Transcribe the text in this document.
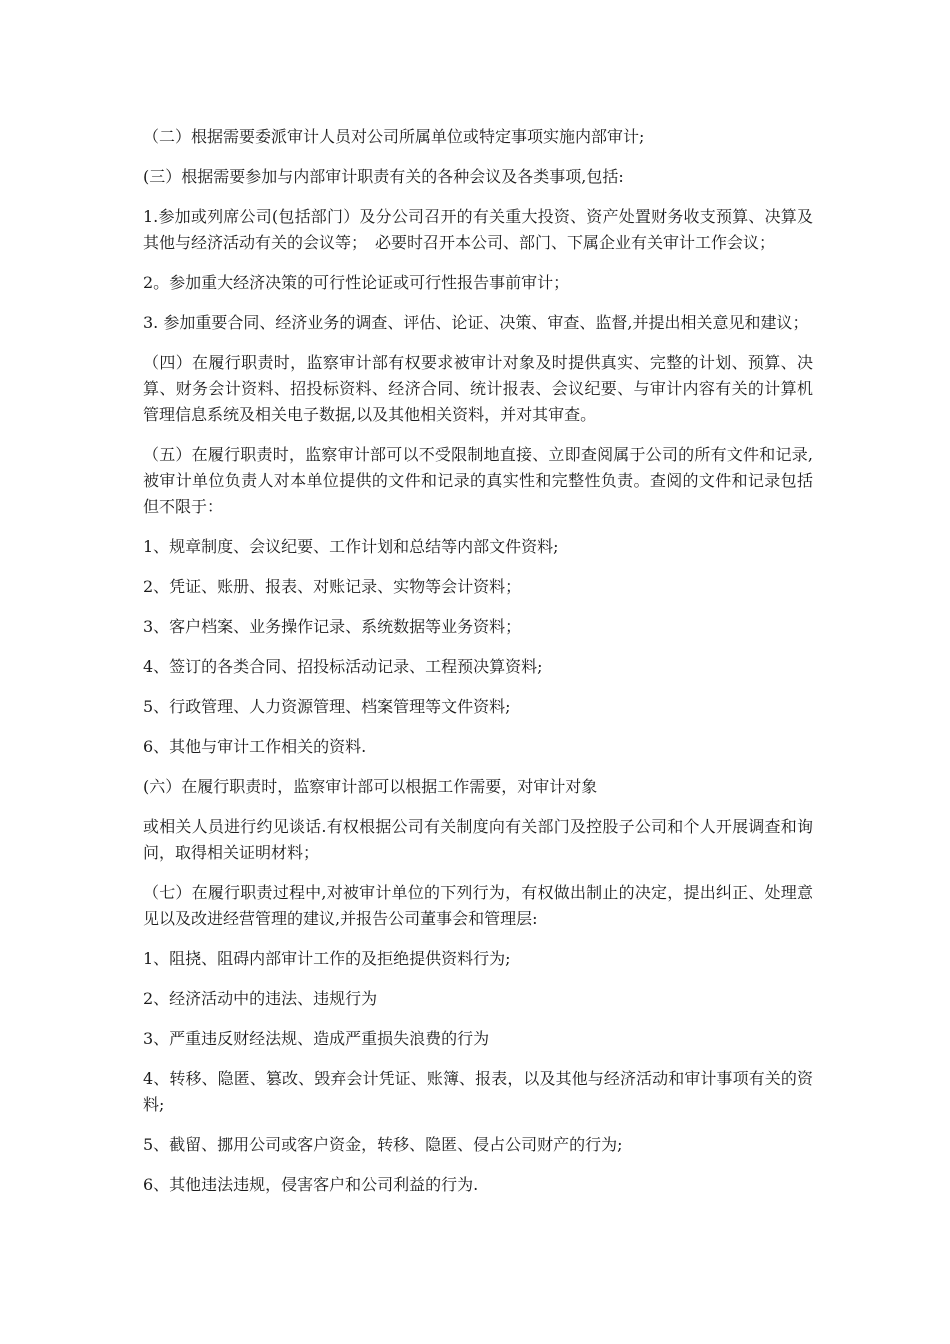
（二）根据需要委派审计人员对公司所属单位或特定事项实施内部审计;

(三）根据需要参加与内部审计职责有关的各种会议及各类事项,包括:

1.参加或列席公司(包括部门）及分公司召开的有关重大投资、资产处置财务收支预算、决算及其他与经济活动有关的会议等；　必要时召开本公司、部门、下属企业有关审计工作会议；

2。参加重大经济决策的可行性论证或可行性报告事前审计；

3. 参加重要合同、经济业务的调查、评估、论证、决策、审查、监督,并提出相关意见和建议；

（四）在履行职责时，监察审计部有权要求被审计对象及时提供真实、完整的计划、预算、决算、财务会计资料、招投标资料、经济合同、统计报表、会议纪要、与审计内容有关的计算机管理信息系统及相关电子数据,以及其他相关资料，并对其审查。

（五）在履行职责时，监察审计部可以不受限制地直接、立即查阅属于公司的所有文件和记录,被审计单位负责人对本单位提供的文件和记录的真实性和完整性负责。查阅的文件和记录包括但不限于：

1、规章制度、会议纪要、工作计划和总结等内部文件资料;

2、凭证、账册、报表、对账记录、实物等会计资料；

3、客户档案、业务操作记录、系统数据等业务资料；

4、签订的各类合同、招投标活动记录、工程预决算资料;

5、行政管理、人力资源管理、档案管理等文件资料;

6、其他与审计工作相关的资料.

(六）在履行职责时，监察审计部可以根据工作需要，对审计对象

或相关人员进行约见谈话.有权根据公司有关制度向有关部门及控股子公司和个人开展调查和询问，取得相关证明材料；

（七）在履行职责过程中,对被审计单位的下列行为，有权做出制止的决定，提出纠正、处理意见以及改进经营管理的建议,并报告公司董事会和管理层:

1、阻挠、阻碍内部审计工作的及拒绝提供资料行为;

2、经济活动中的违法、违规行为

3、严重违反财经法规、造成严重损失浪费的行为

4、转移、隐匿、篡改、毁弃会计凭证、账簿、报表，以及其他与经济活动和审计事项有关的资料;

5、截留、挪用公司或客户资金，转移、隐匿、侵占公司财产的行为;

6、其他违法违规，侵害客户和公司利益的行为.
